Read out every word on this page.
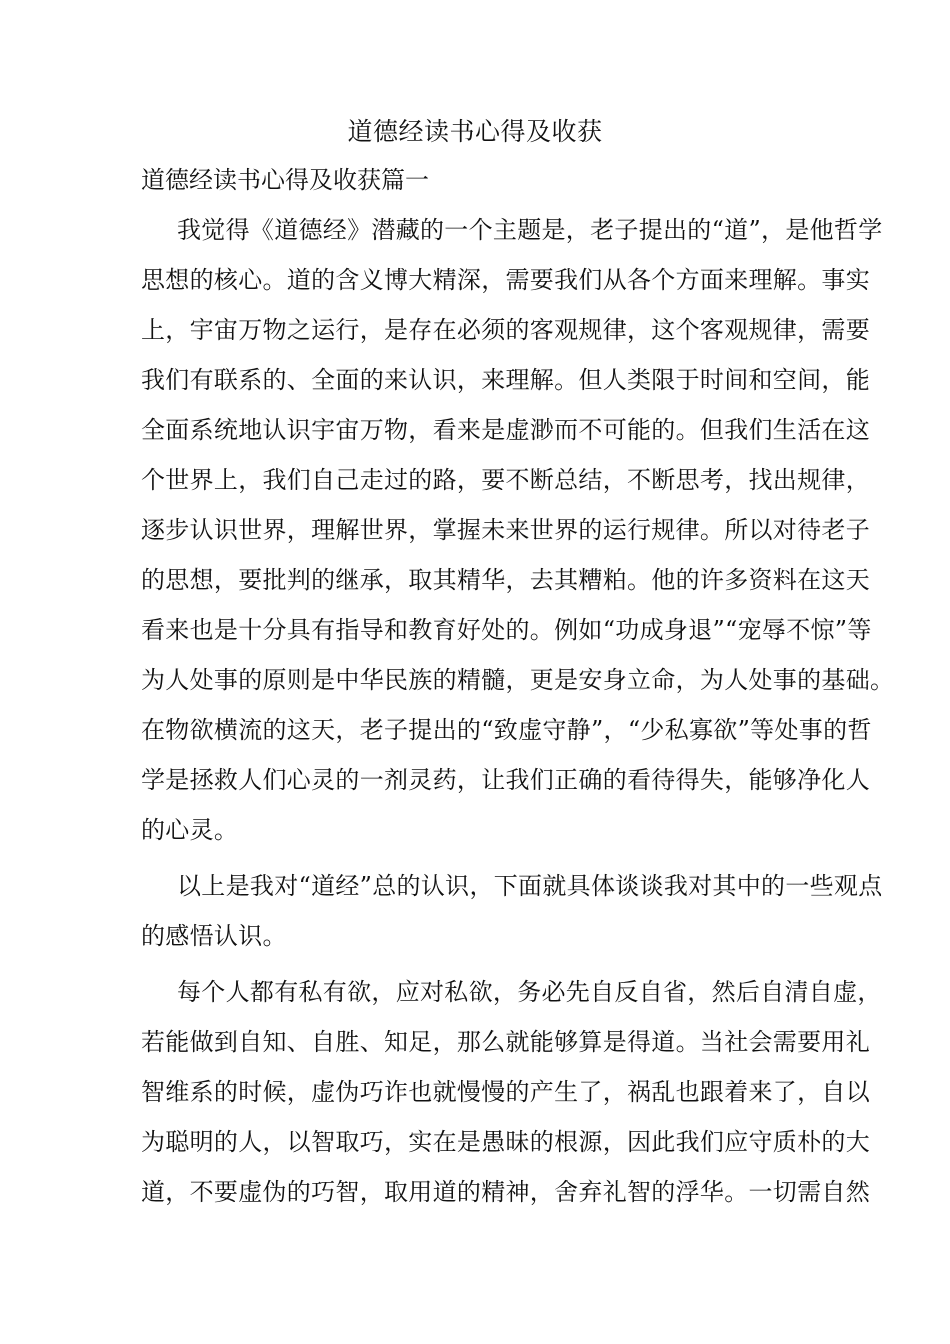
道德经读书心得及收获
道德经读书心得及收获篇一
我觉得《道德经》潜藏的一个主题是，老子提出的“道”，是他哲学
思想的核心。道的含义博大精深，需要我们从各个方面来理解。事实
上，宇宙万物之运行，是存在必须的客观规律，这个客观规律，需要
我们有联系的、全面的来认识，来理解。但人类限于时间和空间，能
全面系统地认识宇宙万物，看来是虚渺而不可能的。但我们生活在这
个世界上，我们自己走过的路，要不断总结，不断思考，找出规律，
逐步认识世界，理解世界，掌握未来世界的运行规律。所以对待老子
的思想，要批判的继承，取其精华，去其糟粕。他的许多资料在这天
看来也是十分具有指导和教育好处的。例如“功成身退”“宠辱不惊”等
为人处事的原则是中华民族的精髓，更是安身立命，为人处事的基础。
在物欲横流的这天，老子提出的“致虚守静”，“少私寡欲”等处事的哲
学是拯救人们心灵的一剂灵药，让我们正确的看待得失，能够净化人
的心灵。
以上是我对“道经”总的认识，下面就具体谈谈我对其中的一些观点
的感悟认识。
每个人都有私有欲，应对私欲，务必先自反自省，然后自清自虚，
若能做到自知、自胜、知足，那么就能够算是得道。当社会需要用礼
智维系的时候，虚伪巧诈也就慢慢的产生了，祸乱也跟着来了，自以
为聪明的人，以智取巧，实在是愚昧的根源，因此我们应守质朴的大
道，不要虚伪的巧智，取用道的精神，舍弃礼智的浮华。一切需自然
